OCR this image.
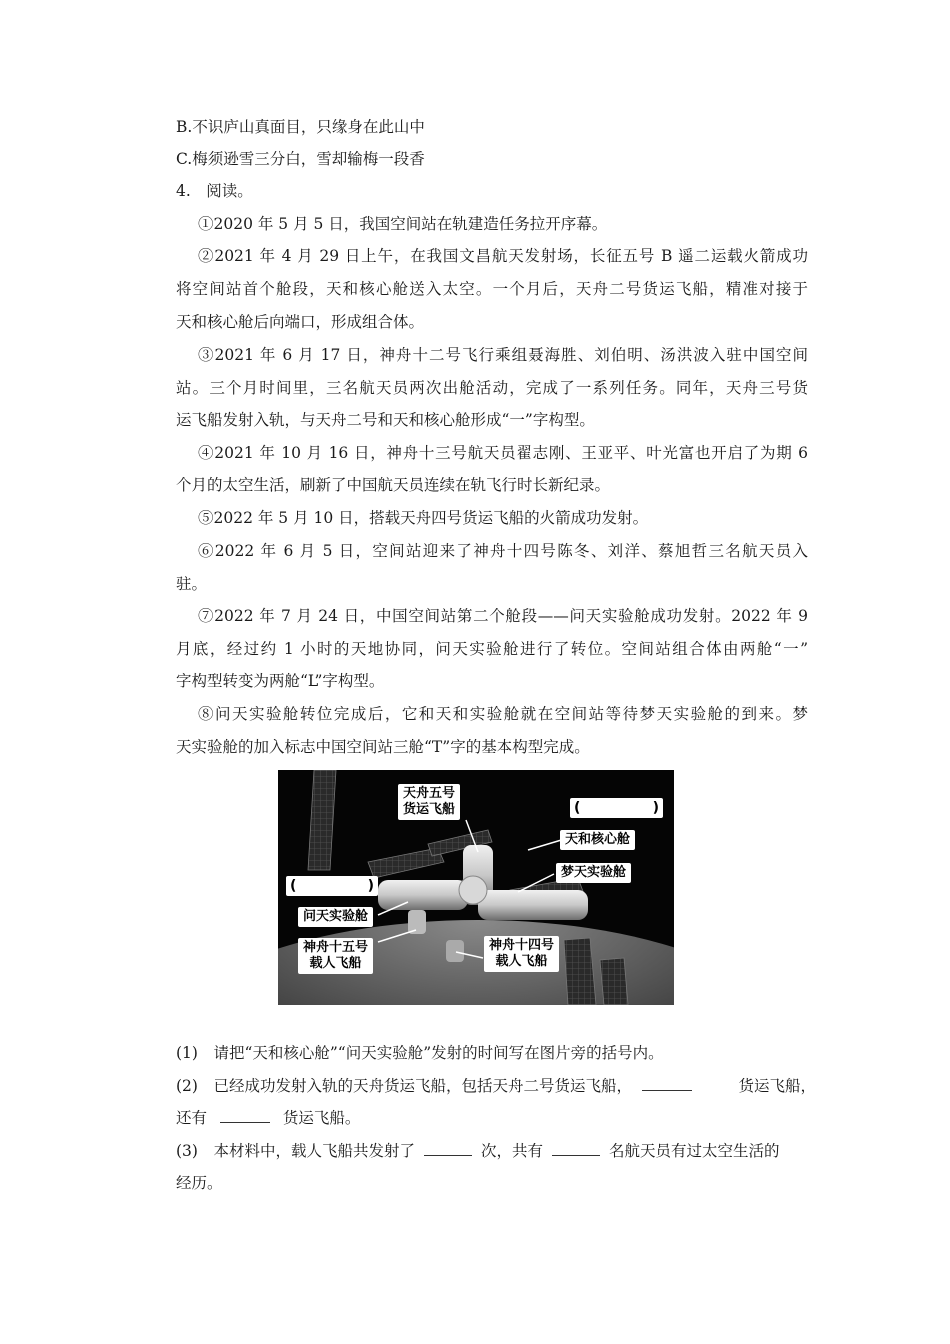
B.不识庐山真面目，只缘身在此山中
C.梅须逊雪三分白，雪却输梅一段香
4.　阅读。
①2020 年 5 月 5 日，我国空间站在轨建造任务拉开序幕。
②2021 年 4 月 29 日上午，在我国文昌航天发射场，长征五号 B 遥二运载火箭成功
将空间站首个舱段，天和核心舱送入太空。一个月后，天舟二号货运飞船，精准对接于
天和核心舱后向端口，形成组合体。
③2021 年 6 月 17 日，神舟十二号飞行乘组聂海胜、刘伯明、汤洪波入驻中国空间
站。三个月时间里，三名航天员两次出舱活动，完成了一系列任务。同年，天舟三号货
运飞船发射入轨，与天舟二号和天和核心舱形成“一”字构型。
④2021 年 10 月 16 日，神舟十三号航天员翟志刚、王亚平、叶光富也开启了为期 6
个月的太空生活，刷新了中国航天员连续在轨飞行时长新纪录。
⑤2022 年 5 月 10 日，搭载天舟四号货运飞船的火箭成功发射。
⑥2022 年 6 月 5 日，空间站迎来了神舟十四号陈冬、刘洋、蔡旭哲三名航天员入
驻。
⑦2022 年 7 月 24 日，中国空间站第二个舱段——问天实验舱成功发射。2022 年 9
月底，经过约 1 小时的天地协同，问天实验舱进行了转位。空间站组合体由两舱“一”
字构型转变为两舱“L”字构型。
⑧问天实验舱转位完成后，它和天和实验舱就在空间站等待梦天实验舱的到来。梦
天实验舱的加入标志中国空间站三舱“T”字的基本构型完成。
天舟五号
货运飞船	(	)
天和核心舱
梦天实验舱
(	)
问天实验舱
神舟十五号
载人飞船
神舟十四号
载人飞船
(1)　请把“天和核心舱”“问天实验舱”发射的时间写在图片旁的括号内。
(2)　已经成功发射入轨的天舟货运飞船，包括天舟二号货运飞船，	货运飞船，
还有	货运飞船。
(3)　本材料中，载人飞船共发射了	次，共有	名航天员有过太空生活的
经历。
